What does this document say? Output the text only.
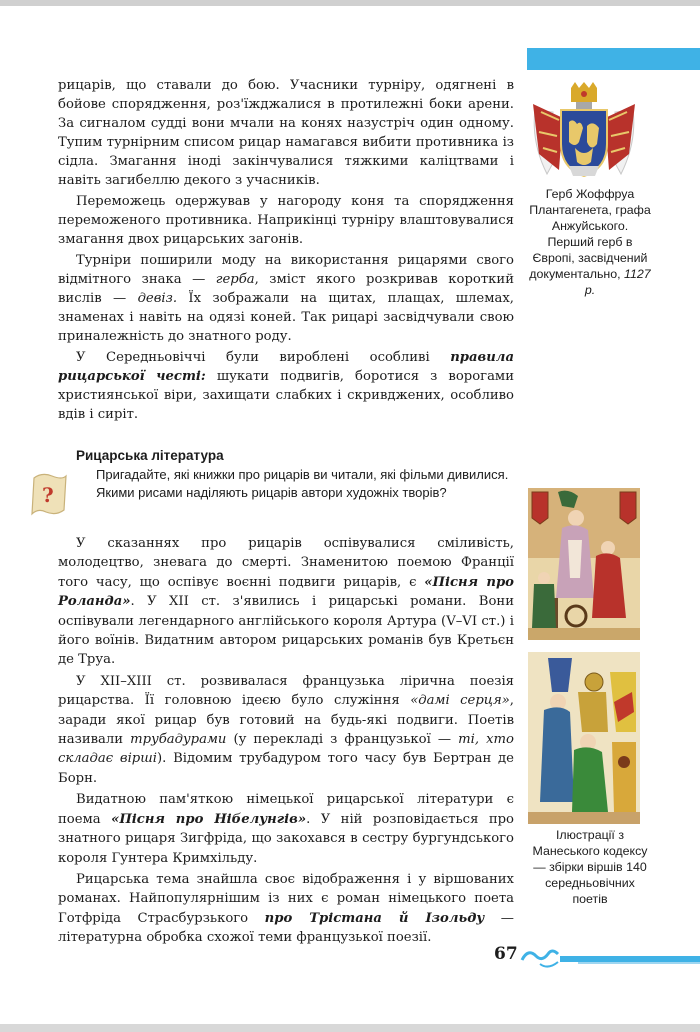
Герб Жоффруа Плантагенета, графа Анжуйського. Перший герб в Європі, засвідчений документально, 1127 р.

рицарів, що ставали до бою. Учасники турніру, одягнені в бойове спорядження, роз'їжджалися в протилежні боки арени. За сигналом судді вони мчали на конях назустріч один одному. Тупим турнірним списом рицар намагався вибити противника із сідла. Змагання іноді закінчувалися тяжкими каліцтвами і навіть загибеллю декого з учасників.

Переможець одержував у нагороду коня та спорядження переможеного противника. Наприкінці турніру влаштовувалися змагання двох рицарських загонів.

Турніри поширили моду на використання рицарями свого відмітного знака — герба, зміст якого розкривав короткий вислів — девіз. Їх зображали на щитах, плащах, шлемах, знаменах і навіть на одязі коней. Так рицарі засвідчували свою приналежність до знатного роду.

У Середньовіччі були вироблені особливі правила рицарської честі: шукати подвигів, боротися з ворогами християнської віри, захищати слабких і скривджених, особливо вдів і сиріт.

Рицарська література
?
Пригадайте, які книжки про рицарів ви читали, які фільми дивилися. Якими рисами наділяють рицарів автори художніх творів?

У сказаннях про рицарів оспівувалися сміливість, молодецтво, зневага до смерті. Знаменитою поемою Франції того часу, що оспівує воєнні подвиги рицарів, є «Пісня про Роланда». У XII ст. з'явились і рицарські романи. Вони оспівували легендарного англійського короля Артура (V–VI ст.) і його воїнів. Видатним автором рицарських романів був Кретьєн де Труа.

У XII–XIII ст. розвивалася французька лірична поезія рицарства. Її головною ідеєю було служіння «дамі серця», заради якої рицар був готовий на будь-які подвиги. Поетів називали трубадурами (у перекладі з французької — ті, хто складає вірші). Відомим трубадуром того часу був Бертран де Борн.

Видатною пам'яткою німецької рицарської літератури є поема «Пісня про Нібелунгів». У ній розповідається про знатного рицаря Зигфріда, що закохався в сестру бургундського короля Гунтера Кримхільду.

Рицарська тема знайшла своє відображення і у віршованих романах. Найпопулярнішим із них є роман німецького поета Готфріда Страсбурзького про Трістана й Ізольду — літературна обробка схожої теми французької поезії.

Ілюстрації з Манеського кодексу — збірки віршів 140 середньовічних поетів
67
